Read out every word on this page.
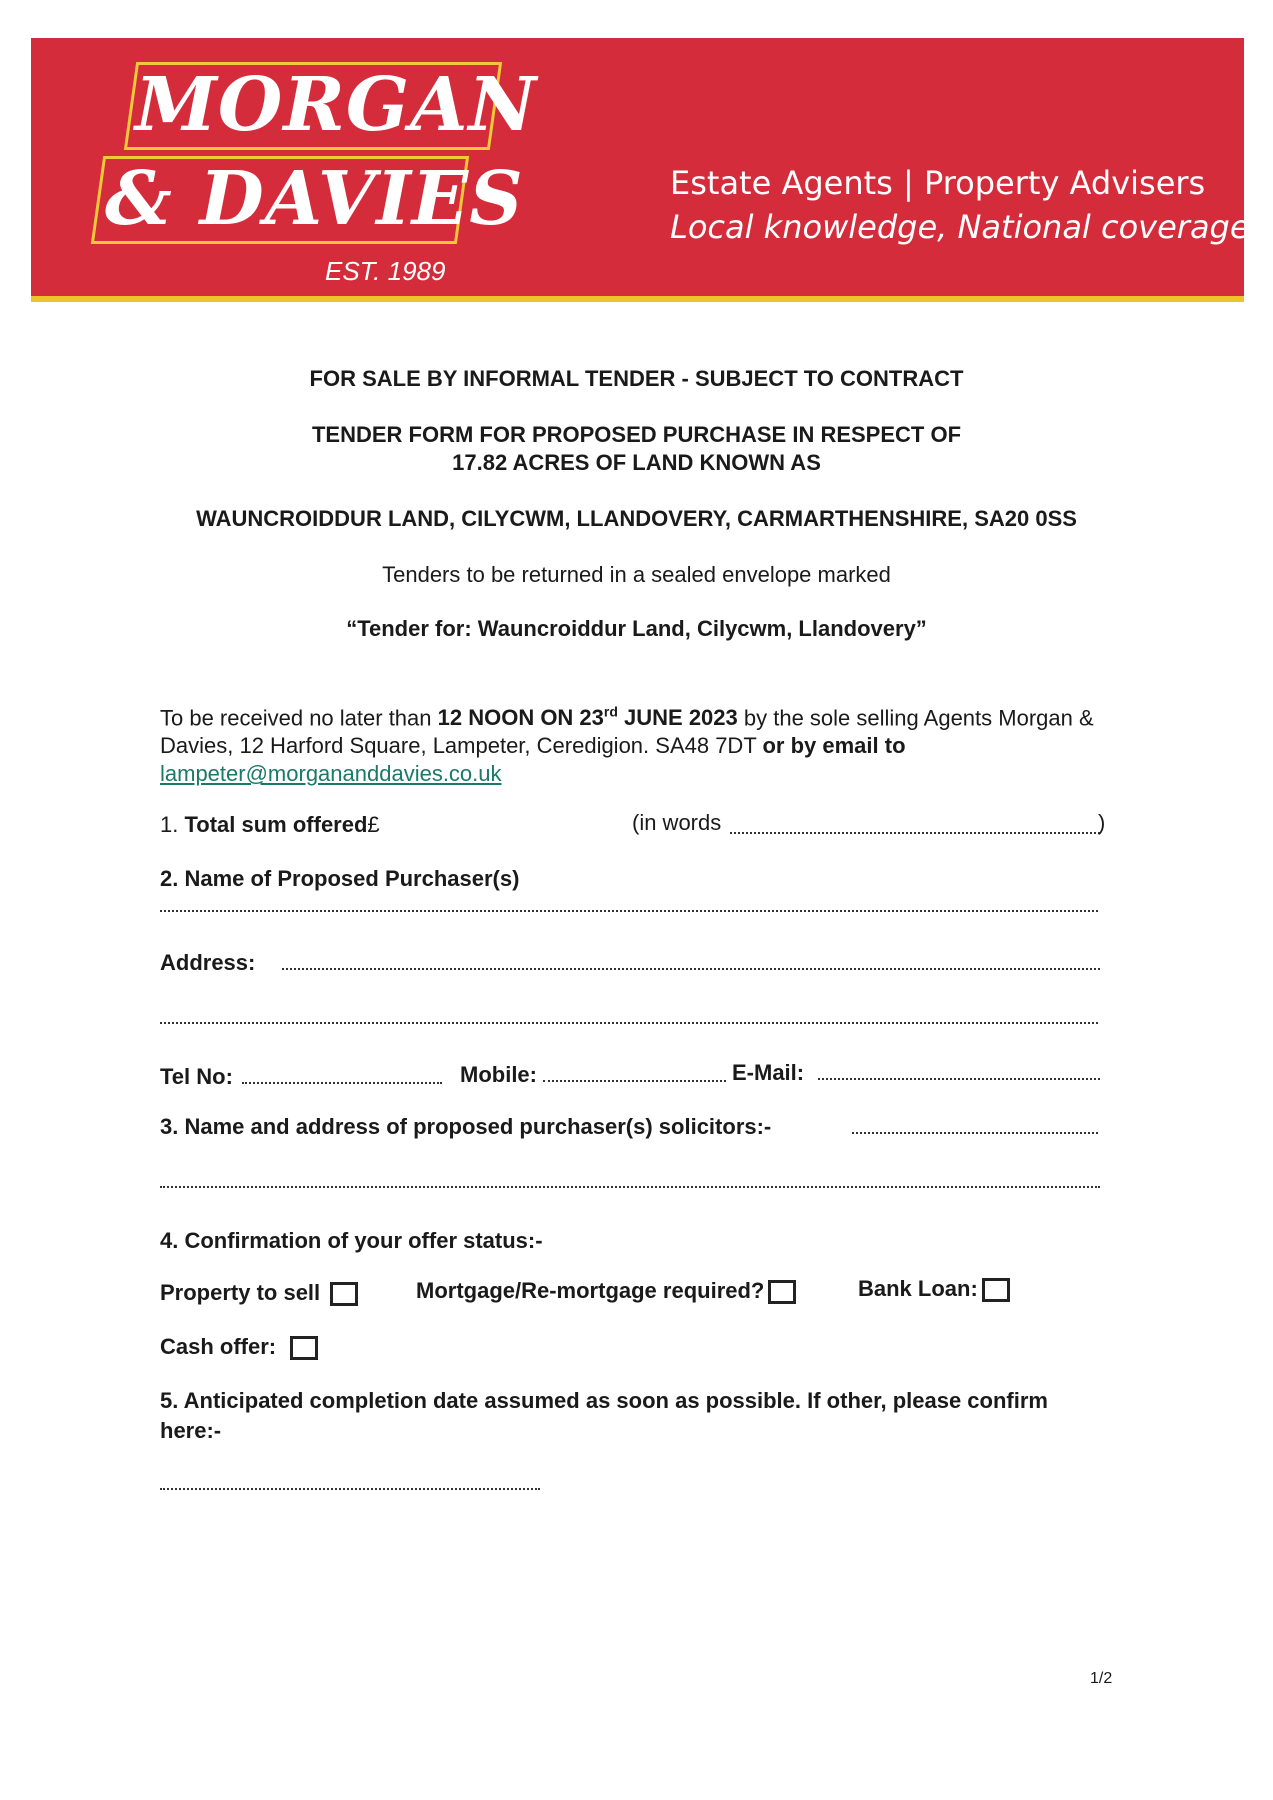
MORGAN
& DAVIES
EST. 1989
Estate Agents | Property Advisers
Local knowledge, National coverage
FOR SALE BY INFORMAL TENDER - SUBJECT TO CONTRACT
TENDER FORM FOR PROPOSED PURCHASE IN RESPECT OF
17.82 ACRES OF LAND KNOWN AS
WAUNCROIDDUR LAND, CILYCWM, LLANDOVERY, CARMARTHENSHIRE, SA20 0SS
Tenders to be returned in a sealed envelope marked
“Tender for: Wauncroiddur Land, Cilycwm, Llandovery”
To be received no later than 12 NOON ON 23rd JUNE 2023 by the sole selling Agents Morgan & Davies, 12 Harford Square, Lampeter, Ceredigion. SA48 7DT or by email to
lampeter@morgananddavies.co.uk
1. Total sum offered£	(in words	)
2. Name of Proposed Purchaser(s)
Address:
Tel No:	Mobile:	E-Mail:
3. Name and address of proposed purchaser(s) solicitors:-
4. Confirmation of your offer status:-
Property to sell	Mortgage/Re-mortgage required?	Bank Loan:
Cash offer:
5. Anticipated completion date assumed as soon as possible. If other, please confirm
here:-
1/2
